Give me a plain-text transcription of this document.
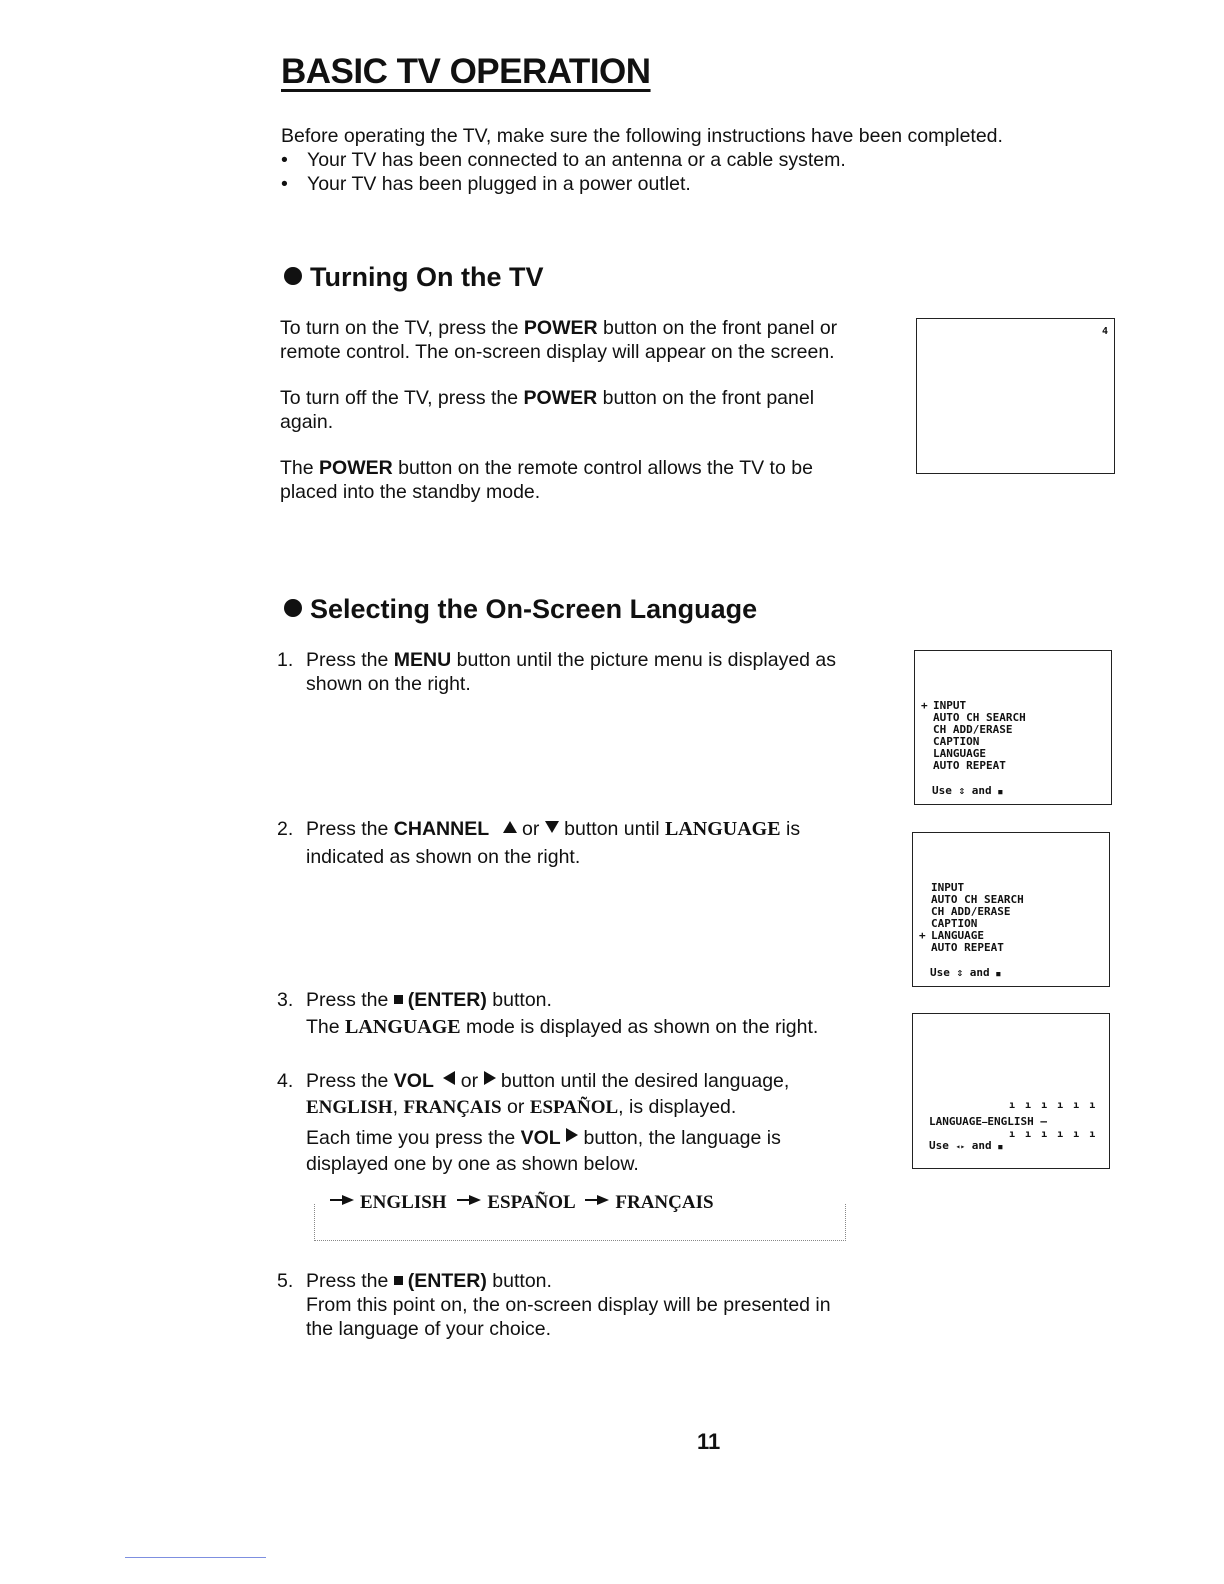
BASIC TV OPERATION
Before operating the TV, make sure the following instructions have been completed.
• Your TV has been connected to an antenna or a cable system.
• Your TV has been plugged in a power outlet.
Turning On the TV
To turn on the TV, press the POWER button on the front panel or remote control. The on-screen display will appear on the screen.
To turn off the TV, press the POWER button on the front panel again.
The POWER button on the remote control allows the TV to be placed into the standby mode.
4
Selecting the On-Screen Language
1. Press the MENU button until the picture menu is displayed as shown on the right.
2. Press the CHANNEL  or  button until LANGUAGE is indicated as shown on the right.
3. Press the (ENTER) button.
The LANGUAGE mode is displayed as shown on the right.
4. Press the VOL  or  button until the desired language,
ENGLISH, FRANÇAIS or ESPAÑOL, is displayed.
Each time you press the VOL  button, the language is displayed one by one as shown below.
ENGLISH ESPAÑOL FRANÇAIS
5. Press the (ENTER) button.
From this point on, the on-screen display will be presented in the language of your choice.
+ INPUT
AUTO CH SEARCH
CH ADD/ERASE
CAPTION
LANGUAGE
AUTO REPEAT
Use ⇕ and ■
INPUT
AUTO CH SEARCH
CH ADD/ERASE
CAPTION
+ LANGUAGE
AUTO REPEAT
Use ⇕ and ■
ı ı ı ı ı ı
LANGUAGE–ENGLISH –
ı ı ı ı ı ı
Use ◂▸ and ■
11
